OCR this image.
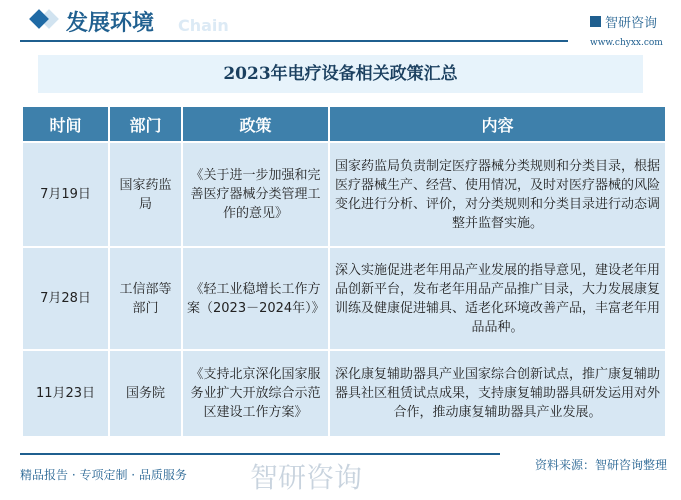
Chain
发展环境	智研咨询
www.chyxx.com
2023年电疗设备相关政策汇总
时间	部门	政策	内容
7月19日	国家药监局	《关于进一步加强和完善医疗器械分类管理工作的意见》	国家药监局负责制定医疗器械分类规则和分类目录，根据医疗器械生产、经营、使用情况，及时对医疗器械的风险变化进行分析、评价，对分类规则和分类目录进行动态调整并监督实施。
7月28日	工信部等部门	《轻工业稳增长工作方案（2023－2024年）》	深入实施促进老年用品产业发展的指导意见，建设老年用品创新平台，发布老年用品产品推广目录，大力发展康复训练及健康促进辅具、适老化环境改善产品，丰富老年用品品种。
11月23日	国务院	《支持北京深化国家服务业扩大开放综合示范区建设工作方案》	深化康复辅助器具产业国家综合创新试点，推广康复辅助器具社区租赁试点成果，支持康复辅助器具研发运用对外合作，推动康复辅助器具产业发展。
智研咨询
精品报告 · 专项定制 · 品质服务
资料来源：智研咨询整理
